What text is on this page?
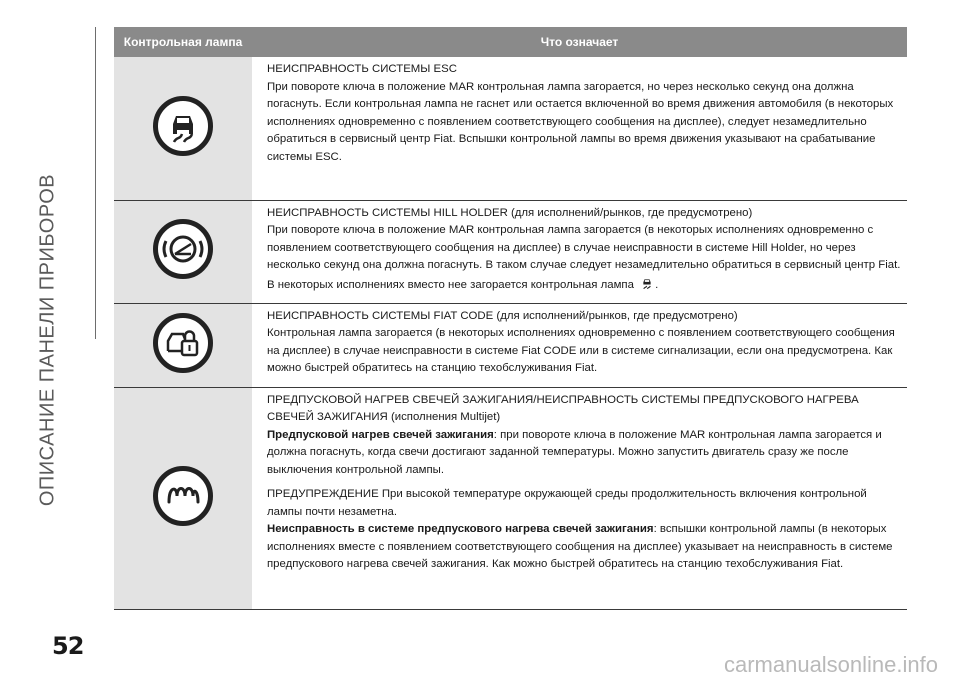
ОПИСАНИЕ ПАНЕЛИ ПРИБОРОВ
Контрольная лампа	Что означает

НЕИСПРАВНОСТЬ СИСТЕМЫ ESC

При повороте ключа в положение MAR контрольная лампа загорается, но через несколько секунд она должна погаснуть. Если контрольная лампа не гаснет или остается включенной во время движения автомобиля (в некоторых исполнениях одновременно с появлением соответствующего сообщения на дисплее), следует незамедлительно обратиться в сервисный центр Fiat. Вспышки контрольной лампы во время движения указывают на срабатывание системы ESC.

НЕИСПРАВНОСТЬ СИСТЕМЫ HILL HOLDER (для исполнений/рынков, где предусмотрено)

При повороте ключа в положение MAR контрольная лампа загорается (в некоторых исполнениях одновременно с появлением соответствующего сообщения на дисплее) в случае неисправности в системе Hill Holder, но через несколько секунд она должна погаснуть. В таком случае следует незамедлительно обратиться в сервисный центр Fiat. В некоторых исполнениях вместо нее загорается контрольная лампа .

НЕИСПРАВНОСТЬ СИСТЕМЫ FIAT CODE (для исполнений/рынков, где предусмотрено)

Контрольная лампа загорается (в некоторых исполнениях одновременно с появлением соответствующего сообщения на дисплее) в случае неисправности в системе Fiat CODE или в системе сигнализации, если она предусмотрена. Как можно быстрей обратитесь на станцию техобслуживания Fiat.

ПРЕДПУСКОВОЙ НАГРЕВ СВЕЧЕЙ ЗАЖИГАНИЯ/НЕИСПРАВНОСТЬ СИСТЕМЫ ПРЕДПУСКОВОГО НАГРЕВА СВЕЧЕЙ ЗАЖИГАНИЯ (исполнения Multijet)

Предпусковой нагрев свечей зажигания: при повороте ключа в положение MAR контрольная лампа загорается и должна погаснуть, когда свечи достигают заданной температуры. Можно запустить двигатель сразу же после выключения контрольной лампы.

ПРЕДУПРЕЖДЕНИЕ При высокой температуре окружающей среды продолжительность включения контрольной лампы почти незаметна.

Неисправность в системе предпускового нагрева свечей зажигания: вспышки контрольной лампы (в некоторых исполнениях вместе с появлением соответствующего сообщения на дисплее) указывает на неисправность в системе предпускового нагрева свечей зажигания. Как можно быстрей обратитесь на станцию техобслуживания Fiat.

52
carmanualsonline.info
